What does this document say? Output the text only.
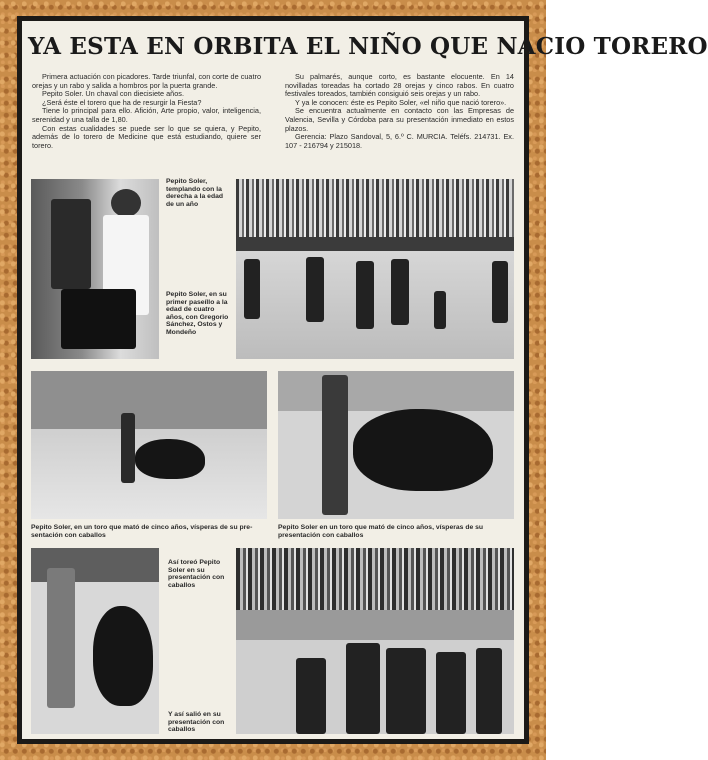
YA ESTA EN ORBITA EL NIÑO QUE NACIO TORERO

Primera actuación con picadores. Tarde triunfal, con corte de cuatro orejas y un rabo y salida a hombros por la puerta grande.

Pepito Soler. Un chaval con diecisiete años.

¿Será éste el torero que ha de resurgir la Fiesta?

Tiene lo principal para ello. Afición, Arte propio, valor, inteligencia, serenidad y una talla de 1,80.

Con estas cualidades se puede ser lo que se quiera, y Pepito, además de lo torero de Medicine que está estudiando, quiere ser torero.

Su palmarés, aunque corto, es bastante elocuente. En 14 novilladas toreadas ha cortado 28 orejas y cinco rabos. En cuatro festivales toreados, también consiguió seis orejas y un rabo.

Y ya le conocen: éste es Pepito Soler, «el niño que nació torero».

Se encuentra actualmente en contacto con las Empresas de Valencia, Sevilla y Córdoba para su presentación inmediato en estos plazos.

Gerencia: Plazo Sandoval, 5, 6.º C. MURCIA. Teléfs. 214731. Ex. 107 - 216794 y 215018.

Pepito Soler, templando con la derecha a la edad de un año
Pepito Soler, en su primer paseíllo a la edad de cuatro años, con Gregorio Sánchez, Ostos y Mondeño
Pepito Soler, en un toro que mató de cinco años, vísperas de su pre- sentación con caballos
Pepito Soler en un toro que mató de cinco años, vísperas de su presentación con caballos
Así toreó Pepito Soler en su presentación con caballos
Y así salió en su presentación con caballos
